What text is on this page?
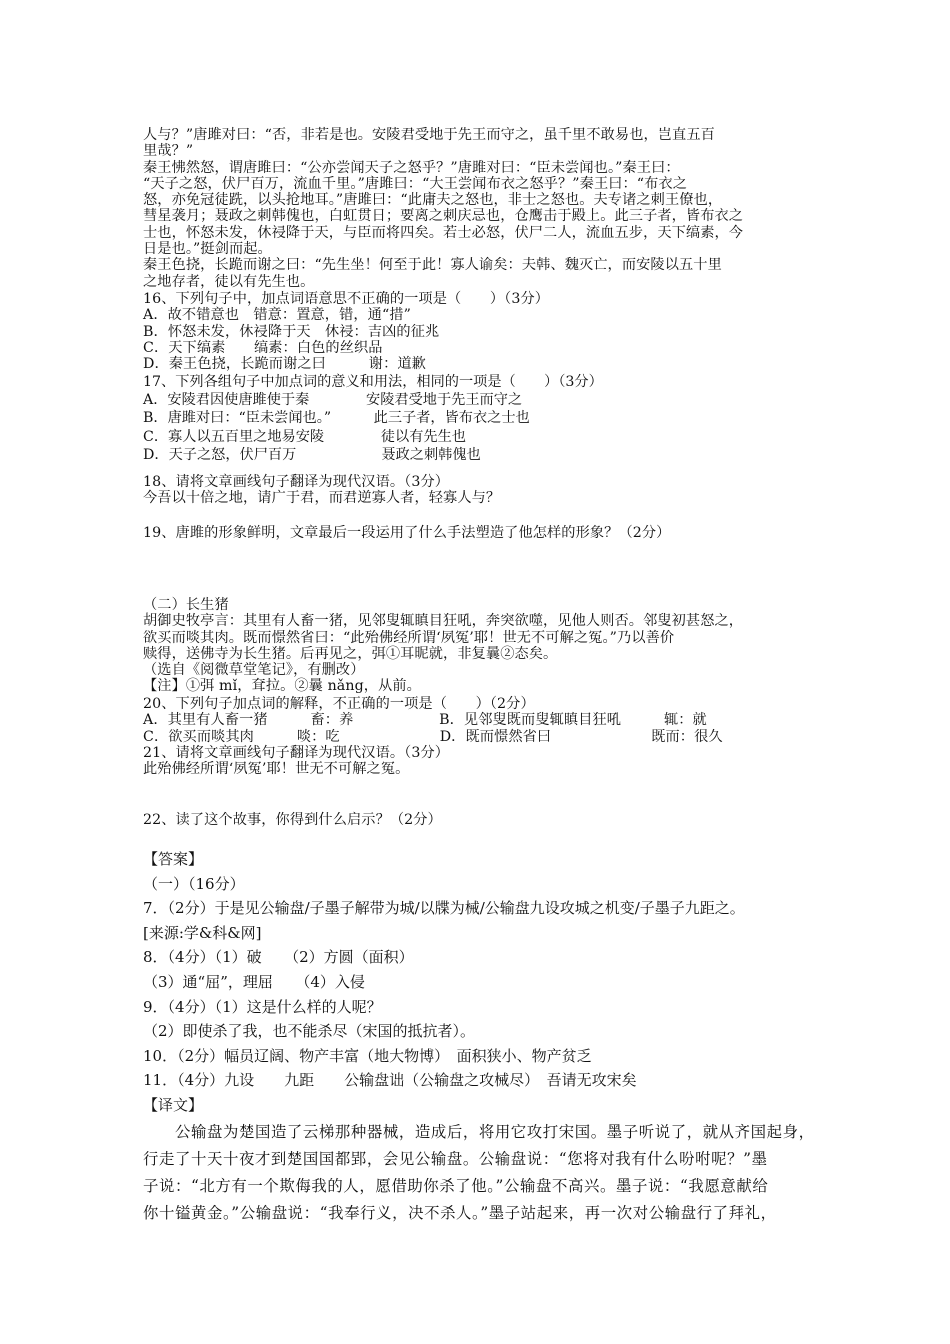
人与？”唐雎对曰：“否，非若是也。安陵君受地于先王而守之，虽千里不敢易也，岂直五百
里哉？”
秦王怫然怒，谓唐雎曰：“公亦尝闻天子之怒乎？”唐雎对曰：“臣未尝闻也。”秦王曰：
“天子之怒，伏尸百万，流血千里。”唐雎曰：“大王尝闻布衣之怒乎？”秦王曰：“布衣之
怒，亦免冠徒跣，以头抢地耳。”唐雎曰：“此庸夫之怒也，非士之怒也。夫专诸之刺王僚也，
彗星袭月；聂政之刺韩傀也，白虹贯日；要离之刺庆忌也，仓鹰击于殿上。此三子者，皆布衣之
士也，怀怒未发，休祲降于天，与臣而将四矣。若士必怒，伏尸二人，流血五步，天下缟素，今
日是也。”挺剑而起。
秦王色挠，长跪而谢之曰：“先生坐！何至于此！寡人谕矣：夫韩、魏灭亡，而安陵以五十里
之地存者，徒以有先生也。
16、下列句子中，加点词语意思不正确的一项是（　　）（3分）
A．故不错意也　错意：置意，错，通“措”
B．怀怒未发，休祲降于天　休祲：吉凶的征兆
C．天下缟素　　缟素：白色的丝织品
D．秦王色挠，长跪而谢之曰　　　谢：道歉
17、下列各组句子中加点词的意义和用法，相同的一项是（　　）（3分）
A．安陵君因使唐雎使于秦　　　　安陵君受地于先王而守之
B．唐雎对曰：“臣未尝闻也。”　　　此三子者，皆布衣之士也
C．寡人以五百里之地易安陵　　　　徒以有先生也
D．天子之怒，伏尸百万　　　　　　聂政之刺韩傀也
18、请将文章画线句子翻译为现代汉语。（3分）
今吾以十倍之地，请广于君，而君逆寡人者，轻寡人与？
19、唐雎的形象鲜明，文章最后一段运用了什么手法塑造了他怎样的形象？（2分）
（二）长生猪
胡御史牧亭言：其里有人畜一猪，见邻叟辄瞋目狂吼，奔突欲噬，见他人则否。邻叟初甚怒之，
欲买而啖其肉。既而憬然省曰：“此殆佛经所谓‘夙冤’耶！世无不可解之冤。”乃以善价
赎得，送佛寺为长生猪。后再见之，弭①耳昵就，非复曩②态矣。
（选自《阅微草堂笔记》，有删改）
【注】①弭 mǐ，耷拉。②曩 nǎng，从前。
20、下列句子加点词的解释，不正确的一项是（　　）（2分）
A．其里有人畜一猪　　　畜：养　　　　　　B．见邻叟既而叟辄瞋目狂吼　　　辄：就
C．欲买而啖其肉　　　啖：吃　　　　　　　D．既而憬然省曰　　　　　　　既而：很久
21、请将文章画线句子翻译为现代汉语。（3分）
此殆佛经所谓‘夙冤’耶！世无不可解之冤。
22、读了这个故事，你得到什么启示？（2分）
【答案】
（一）（16分）
7．（2分）于是见公输盘/子墨子解带为城/以牒为械/公输盘九设攻城之机变/子墨子九距之。
[来源:学&科&网]
8．（4分）（1）破　　（2）方圆（面积）
（3）通“屈”，理屈　　（4）入侵
9．（4分）（1）这是什么样的人呢？
（2）即使杀了我，也不能杀尽（宋国的抵抗者）。
10．（2分）幅员辽阔、物产丰富（地大物博）　面积狭小、物产贫乏
11．（4分）九设　　九距　　公输盘诎（公输盘之攻械尽）　吾请无攻宋矣
【译文】
公输盘为楚国造了云梯那种器械，造成后，将用它攻打宋国。墨子听说了，就从齐国起身，
行走了十天十夜才到楚国国都郢，会见公输盘。公输盘说：“您将对我有什么吩咐呢？”墨
子说：“北方有一个欺侮我的人，愿借助你杀了他。”公输盘不高兴。墨子说：“我愿意献给
你十镒黄金。”公输盘说：“我奉行义，决不杀人。”墨子站起来，再一次对公输盘行了拜礼，
